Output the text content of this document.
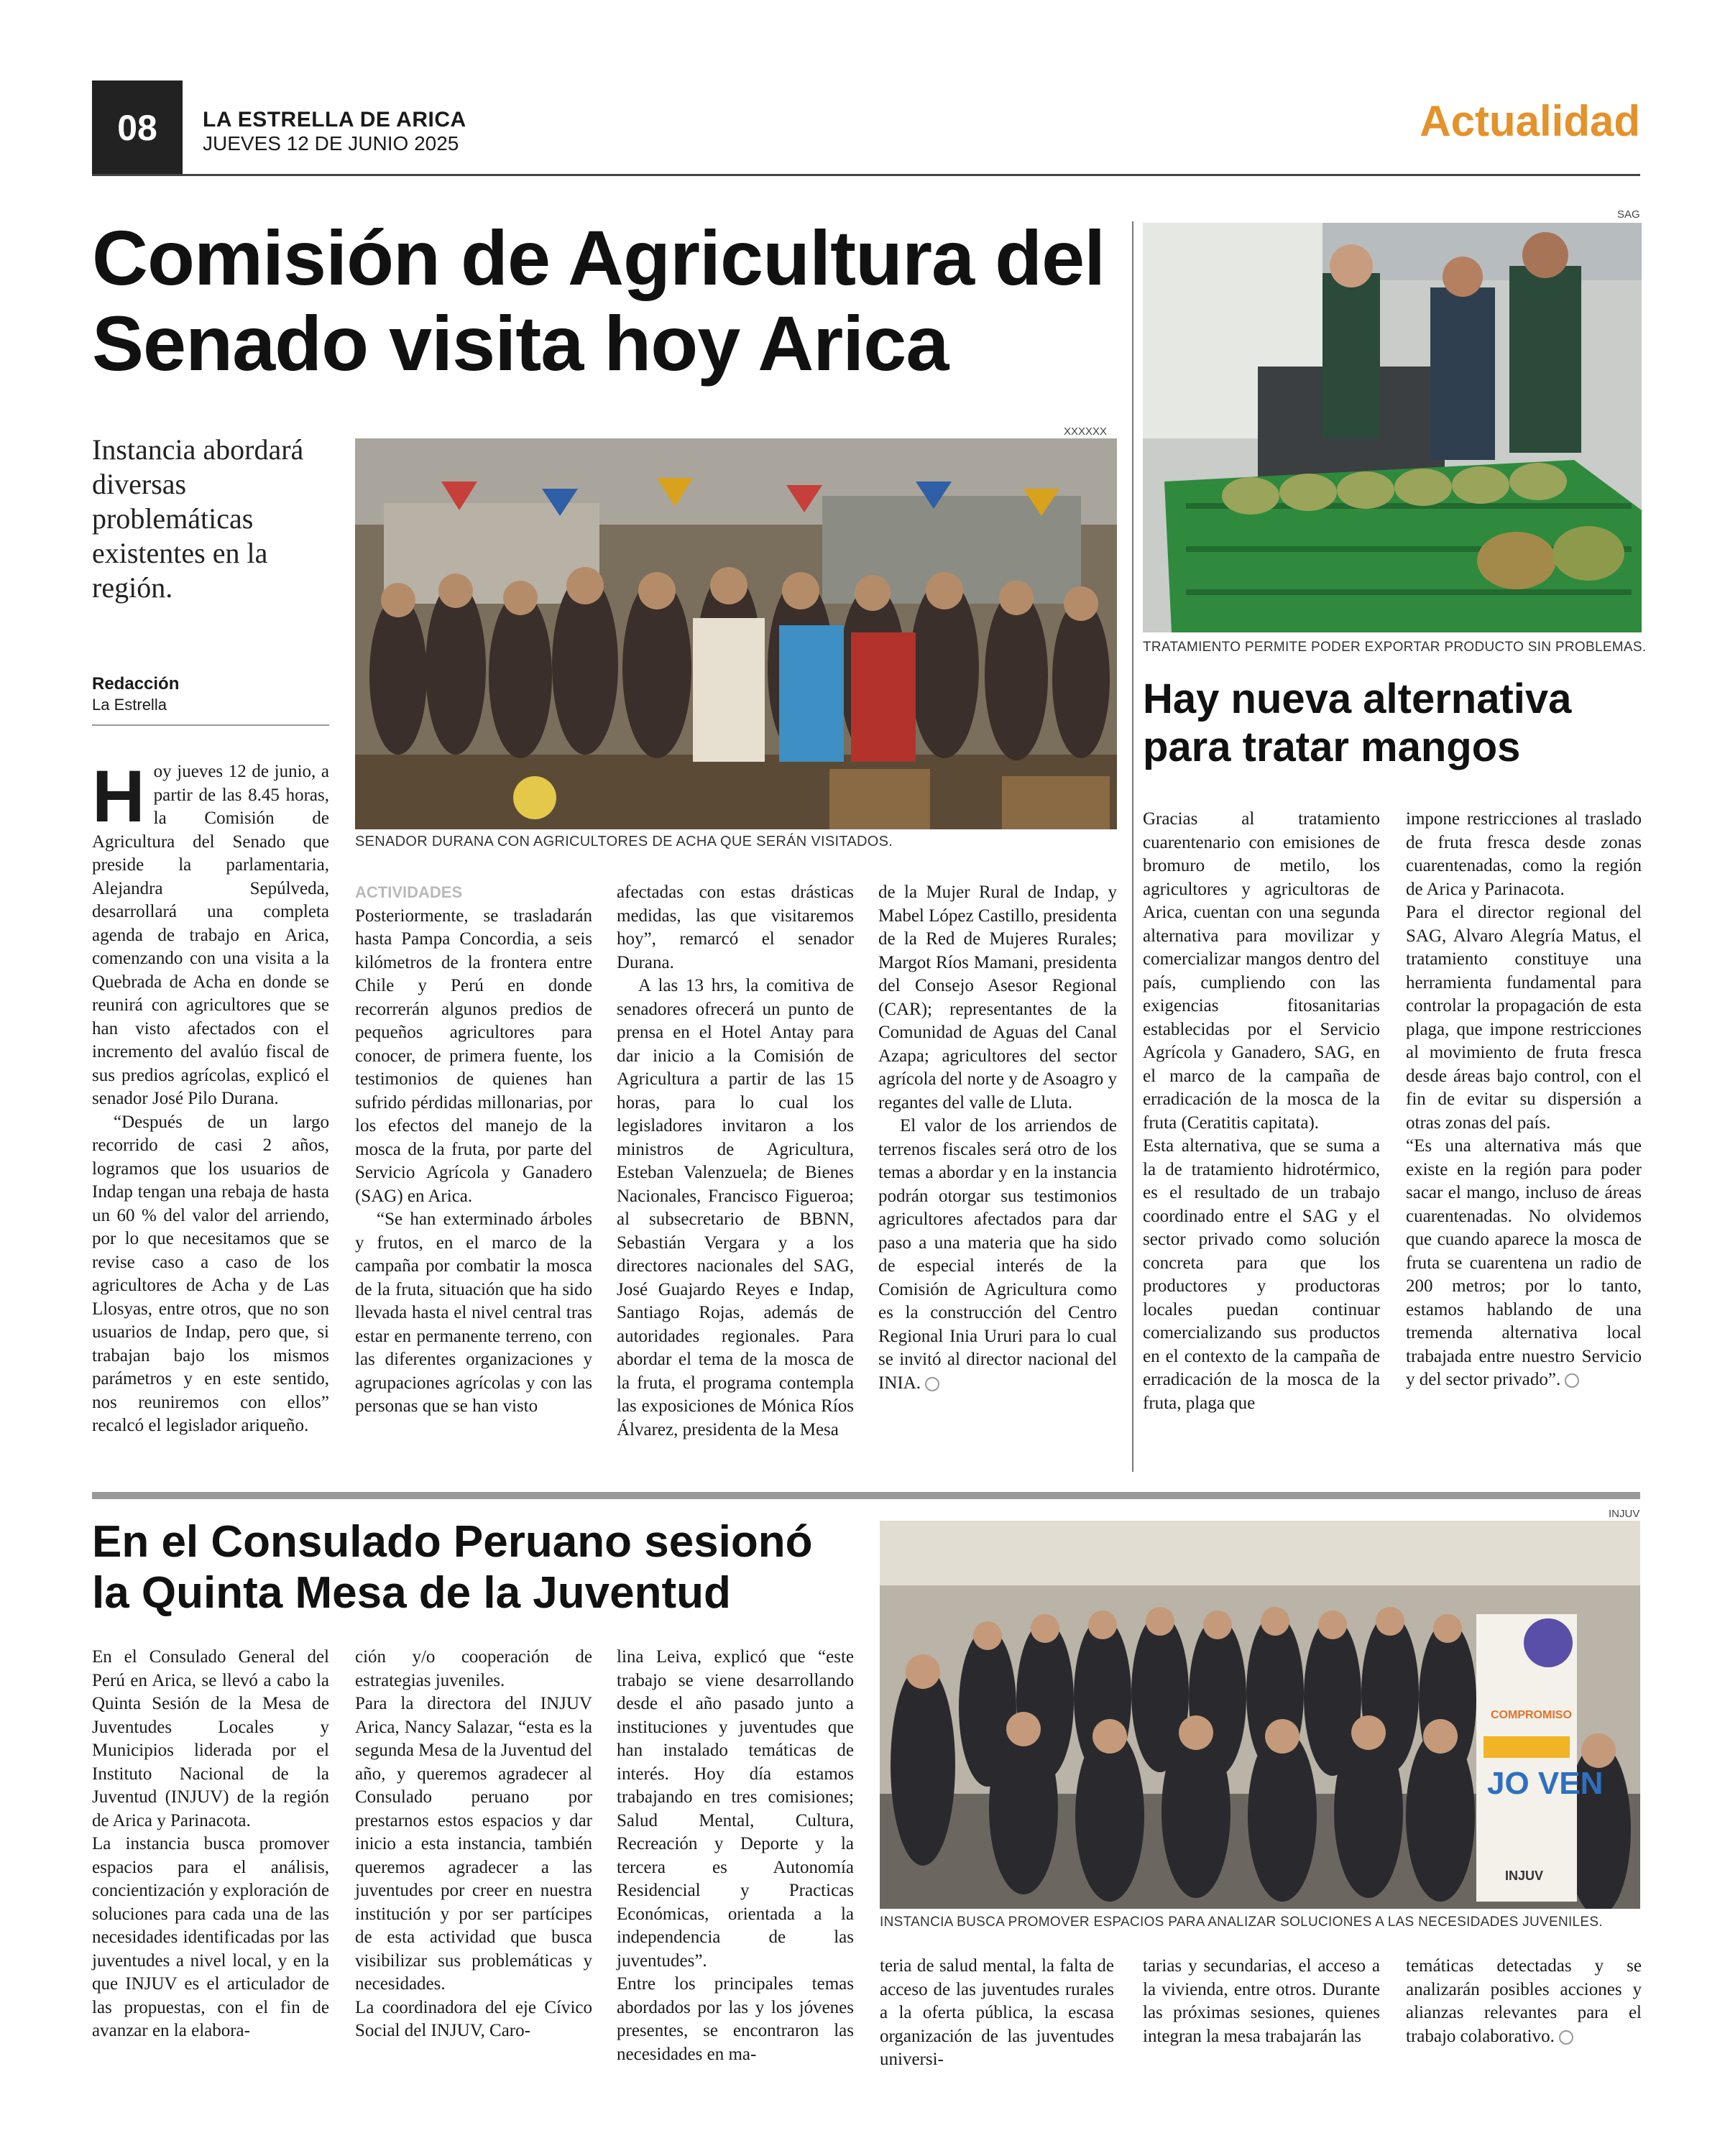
08	LA ESTRELLA DE ARICA
JUEVES 12 DE JUNIO 2025	Actualidad
Comisión de Agricultura del Senado visita hoy Arica
Instancia abordará diversas problemáticas existentes en la región.
Redacción
La Estrella
XXXXXX
SENADOR DURANA CON AGRICULTORES DE ACHA QUE SERÁN VISITADOS.
H oy jueves 12 de junio, a partir de las 8.45 horas, la Comisión de Agricultura del Senado que preside la parlamentaria, Alejandra Sepúlveda, desarrollará una completa agenda de trabajo en Arica, comenzando con una visita a la Quebrada de Acha en donde se reunirá con agricultores que se han visto afectados con el incremento del avalúo fiscal de sus predios agrícolas, explicó el senador José Pilo Durana.

“Después de un largo recorrido de casi 2 años, logramos que los usuarios de Indap tengan una rebaja de hasta un 60 % del valor del arriendo, por lo que necesitamos que se revise caso a caso de los agricultores de Acha y de Las Llosyas, entre otros, que no son usuarios de Indap, pero que, si trabajan bajo los mismos parámetros y en este sentido, nos reuniremos con ellos” recalcó el legislador ariqueño.

ACTIVIDADES

Posteriormente, se trasladarán hasta Pampa Concordia, a seis kilómetros de la frontera entre Chile y Perú en donde recorrerán algunos predios de pequeños agricultores para conocer, de primera fuente, los testimonios de quienes han sufrido pérdidas millonarias, por los efectos del manejo de la mosca de la fruta, por parte del Servicio Agrícola y Ganadero (SAG) en Arica.

“Se han exterminado árboles y frutos, en el marco de la campaña por combatir la mosca de la fruta, situación que ha sido llevada hasta el nivel central tras estar en permanente terreno, con las diferentes organizaciones y agrupaciones agrícolas y con las personas que se han visto

afectadas con estas drásticas medidas, las que visitaremos hoy”, remarcó el senador Durana.

A las 13 hrs, la comitiva de senadores ofrecerá un punto de prensa en el Hotel Antay para dar inicio a la Comisión de Agricultura a partir de las 15 horas, para lo cual los legisladores invitaron a los ministros de Agricultura, Esteban Valenzuela; de Bienes Nacionales, Francisco Figueroa; al subsecretario de BBNN, Sebastián Vergara y a los directores nacionales del SAG, José Guajardo Reyes e Indap, Santiago Rojas, además de autoridades regionales. Para abordar el tema de la mosca de la fruta, el programa contempla las exposiciones de Mónica Ríos Álvarez, presidenta de la Mesa

de la Mujer Rural de Indap, y Mabel López Castillo, presidenta de la Red de Mujeres Rurales; Margot Ríos Mamani, presidenta del Consejo Asesor Regional (CAR); representantes de la Comunidad de Aguas del Canal Azapa; agricultores del sector agrícola del norte y de Asoagro y regantes del valle de Lluta.

El valor de los arriendos de terrenos fiscales será otro de los temas a abordar y en la instancia podrán otorgar sus testimonios agricultores afectados para dar paso a una materia que ha sido de especial interés de la Comisión de Agricultura como es la construcción del Centro Regional Inia Ururi para lo cual se invitó al director nacional del INIA.

SAG
TRATAMIENTO PERMITE PODER EXPORTAR PRODUCTO SIN PROBLEMAS.
Hay nueva alternativa para tratar mangos

Gracias al tratamiento cuarentenario con emisiones de bromuro de metilo, los agricultores y agricultoras de Arica, cuentan con una segunda alternativa para movilizar y comercializar mangos dentro del país, cumpliendo con las exigencias fitosanitarias establecidas por el Servicio Agrícola y Ganadero, SAG, en el marco de la campaña de erradicación de la mosca de la fruta (Ceratitis capitata).

Esta alternativa, que se suma a la de tratamiento hidrotérmico, es el resultado de un trabajo coordinado entre el SAG y el sector privado como solución concreta para que los productores y productoras locales puedan continuar comercializando sus productos en el contexto de la campaña de erradicación de la mosca de la fruta, plaga que

impone restricciones al traslado de fruta fresca desde zonas cuarentenadas, como la región de Arica y Parinacota.

Para el director regional del SAG, Alvaro Alegría Matus, el tratamiento constituye una herramienta fundamental para controlar la propagación de esta plaga, que impone restricciones al movimiento de fruta fresca desde áreas bajo control, con el fin de evitar su dispersión a otras zonas del país.

“Es una alternativa más que existe en la región para poder sacar el mango, incluso de áreas cuarentenadas. No olvidemos que cuando aparece la mosca de fruta se cuarentena un radio de 200 metros; por lo tanto, estamos hablando de una tremenda alternativa local trabajada entre nuestro Servicio y del sector privado”.

En el Consulado Peruano sesionó la Quinta Mesa de la Juventud
INJUV
COMPROMISO
JO VEN
INJUV
INSTANCIA BUSCA PROMOVER ESPACIOS PARA ANALIZAR SOLUCIONES A LAS NECESIDADES JUVENILES.

En el Consulado General del Perú en Arica, se llevó a cabo la Quinta Sesión de la Mesa de Juventudes Locales y Municipios liderada por el Instituto Nacional de la Juventud (INJUV) de la región de Arica y Parinacota.

La instancia busca promover espacios para el análisis, concientización y exploración de soluciones para cada una de las necesidades identificadas por las juventudes a nivel local, y en la que INJUV es el articulador de las propuestas, con el fin de avanzar en la elabora-

ción y/o cooperación de estrategias juveniles.

Para la directora del INJUV Arica, Nancy Salazar, “esta es la segunda Mesa de la Juventud del año, y queremos agradecer al Consulado peruano por prestarnos estos espacios y dar inicio a esta instancia, también queremos agradecer a las juventudes por creer en nuestra institución y por ser partícipes de esta actividad que busca visibilizar sus problemáticas y necesidades.

La coordinadora del eje Cívico Social del INJUV, Caro-

lina Leiva, explicó que “este trabajo se viene desarrollando desde el año pasado junto a instituciones y juventudes que han instalado temáticas de interés. Hoy día estamos trabajando en tres comisiones; Salud Mental, Cultura, Recreación y Deporte y la tercera es Autonomía Residencial y Practicas Económicas, orientada a la independencia de las juventudes”.

Entre los principales temas abordados por las y los jóvenes presentes, se encontraron las necesidades en ma-

teria de salud mental, la falta de acceso de las juventudes rurales a la oferta pública, la escasa organización de las juventudes universi-

tarias y secundarias, el acceso a la vivienda, entre otros. Durante las próximas sesiones, quienes integran la mesa trabajarán las

temáticas detectadas y se analizarán posibles acciones y alianzas relevantes para el trabajo colaborativo.
